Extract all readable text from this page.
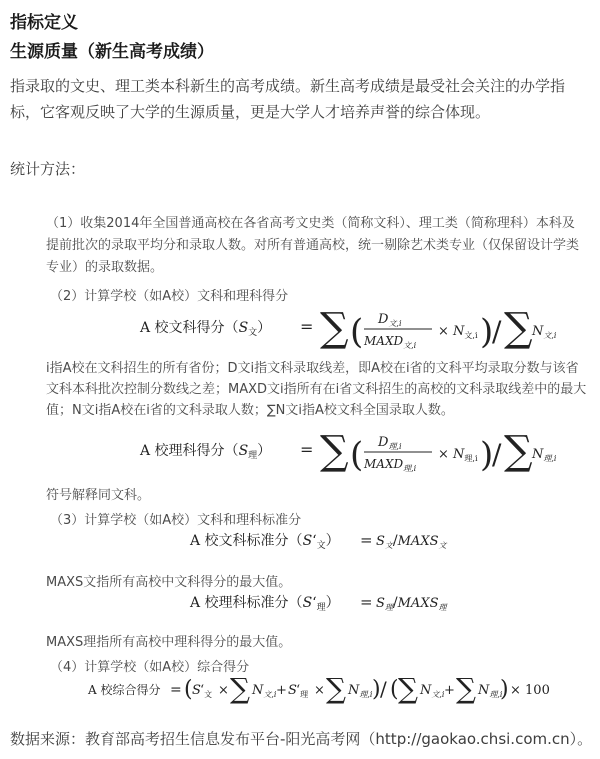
指标定义
生源质量（新生高考成绩）
指录取的文史、理工类本科新生的高考成绩。新生高考成绩是最受社会关注的办学指标，它客观反映了大学的生源质量，更是大学人才培养声誉的综合体现。
统计方法：
（1）收集2014年全国普通高校在各省高考文史类（简称文科）、理工类（简称理科）本科及提前批次的录取平均分和录取人数。对所有普通高校，统一剔除艺术类专业（仅保留设计学类专业）的录取数据。
（2）计算学校（如A校）文科和理科得分
A 校文科得分$(S_文)$ = ∑ ( $D_{文,i}$
$MAXD_{文,i}$
× $N_{文,i}$ )
/ ∑ $N_{文,i}$
i指A校在文科招生的所有省份；D文i指文科录取线差，即A校在i省的文科平均录取分数与该省文科本科批次控制分数线之差；MAXD文i指所有在i省文科招生的高校的文科录取线差中的最大值；N文i指A校在i省的文科录取人数；∑N文i指A校文科全国录取人数。
A 校理科得分$(S_理)$ = ∑ ( $D_{理,i}$
$MAXD_{理,i}$
× $N_{理,i}$ )
/ ∑ $N_{理,i}$
符号解释同文科。
（3）计算学校（如A校）文科和理科标准分
A 校文科标准分$(S‘_文)$ = $S_文/MAXS_文$
MAXS文指所有高校中文科得分的最大值。
A 校理科标准分$(S‘_理)$ = $S_理/MAXS_理$
MAXS理指所有高校中理科得分的最大值。
（4）计算学校（如A校）综合得分
A 校综合得分 = ( S ‘$_文$ × ∑ $N_{文,i} + S$ ‘$_理$ × ∑ $N_{理,i}$ ) / ( ∑ $N_{文,i}$ + ∑ $N_{理,i}$
) × 100
数据来源：教育部高考招生信息发布平台-阳光高考网（http://gaokao.chsi.com.cn）。
